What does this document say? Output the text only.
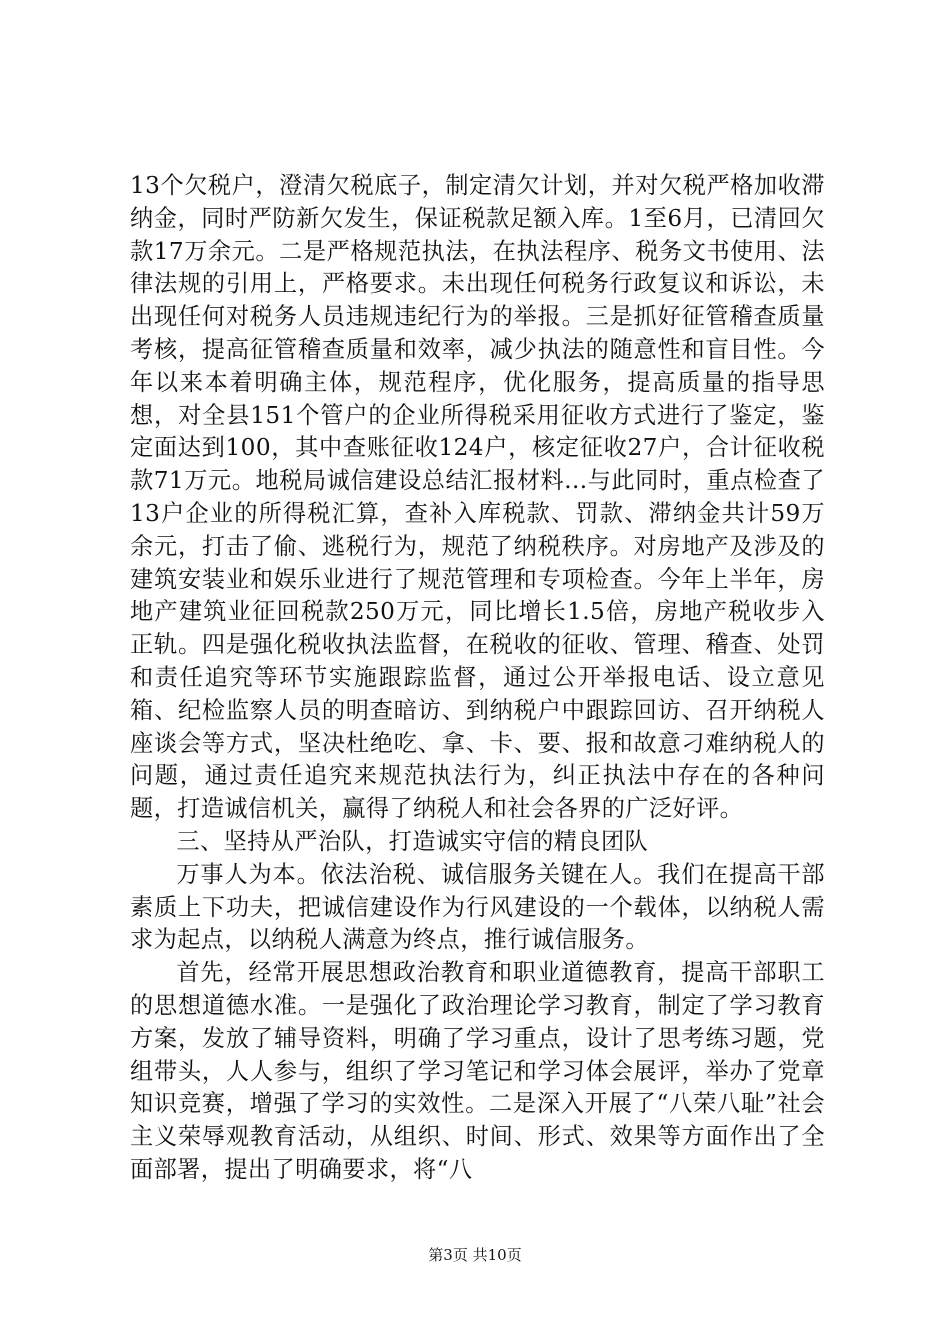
13个欠税户，澄清欠税底子，制定清欠计划，并对欠税严格加收滞纳金，同时严防新欠发生，保证税款足额入库。1至6月，已清回欠款17万余元。二是严格规范执法，在执法程序、税务文书使用、法律法规的引用上，严格要求。未出现任何税务行政复议和诉讼，未出现任何对税务人员违规违纪行为的举报。三是抓好征管稽查质量考核，提高征管稽查质量和效率，减少执法的随意性和盲目性。今年以来本着明确主体，规范程序，优化服务，提高质量的指导思想，对全县151个管户的企业所得税采用征收方式进行了鉴定，鉴定面达到100，其中查账征收124户，核定征收27户，合计征收税款71万元。地税局诚信建设总结汇报材料...与此同时，重点检查了13户企业的所得税汇算，查补入库税款、罚款、滞纳金共计59万余元，打击了偷、逃税行为，规范了纳税秩序。对房地产及涉及的建筑安装业和娱乐业进行了规范管理和专项检查。今年上半年，房地产建筑业征回税款250万元，同比增长1.5倍，房地产税收步入正轨。四是强化税收执法监督，在税收的征收、管理、稽查、处罚和责任追究等环节实施跟踪监督，通过公开举报电话、设立意见箱、纪检监察人员的明查暗访、到纳税户中跟踪回访、召开纳税人座谈会等方式，坚决杜绝吃、拿、卡、要、报和故意刁难纳税人的问题，通过责任追究来规范执法行为，纠正执法中存在的各种问题，打造诚信机关，赢得了纳税人和社会各界的广泛好评。

三、坚持从严治队，打造诚实守信的精良团队

万事人为本。依法治税、诚信服务关键在人。我们在提高干部素质上下功夫，把诚信建设作为行风建设的一个载体，以纳税人需求为起点，以纳税人满意为终点，推行诚信服务。

首先，经常开展思想政治教育和职业道德教育，提高干部职工的思想道德水准。一是强化了政治理论学习教育，制定了学习教育方案，发放了辅导资料，明确了学习重点，设计了思考练习题，党组带头，人人参与，组织了学习笔记和学习体会展评，举办了党章知识竞赛，增强了学习的实效性。二是深入开展了“八荣八耻”社会主义荣辱观教育活动，从组织、时间、形式、效果等方面作出了全面部署，提出了明确要求，将“八

第3页 共10页
